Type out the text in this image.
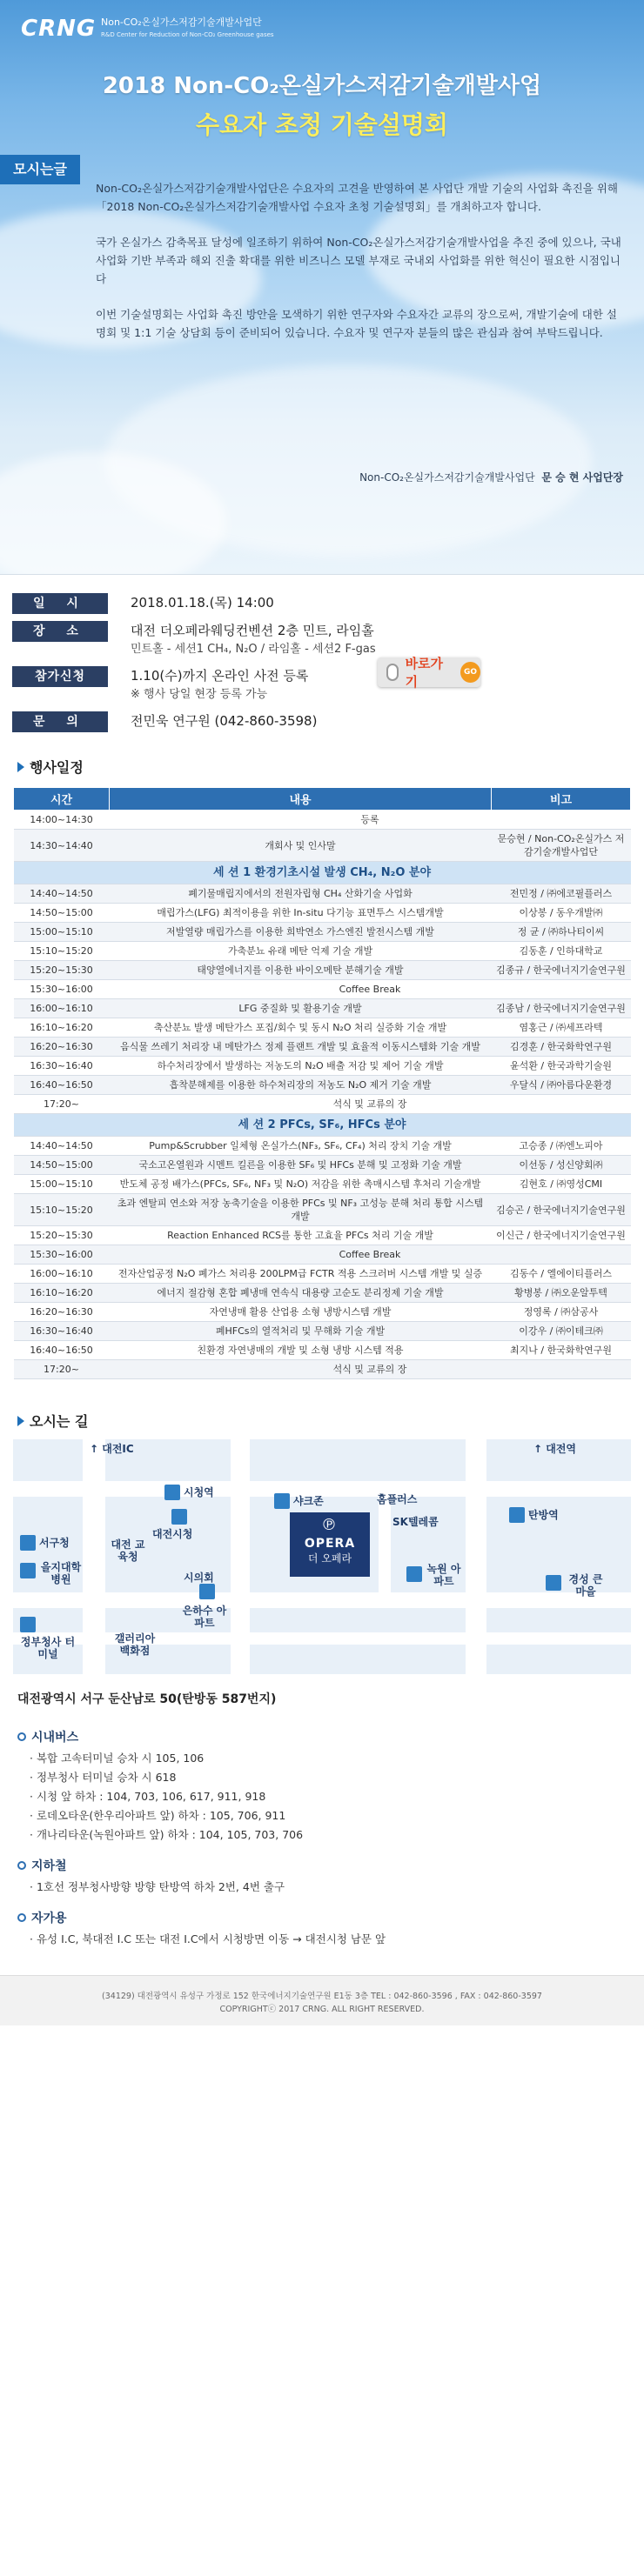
CRNG Non-CO₂온실가스저감기술개발사업단
R&D Center for Reduction of Non-CO₂ Greenhouse gases
2018 Non-CO₂온실가스저감기술개발사업
수요자 초청 기술설명회
모시는글

Non-CO₂온실가스저감기술개발사업단은 수요자의 고견을 반영하여 본 사업단 개발 기술의 사업화 촉진을 위해 「2018 Non-CO₂온실가스저감기술개발사업 수요자 초청 기술설명회」를 개최하고자 합니다.

국가 온실가스 감축목표 달성에 일조하기 위하여 Non-CO₂온실가스저감기술개발사업을 추진 중에 있으나, 국내 사업화 기반 부족과 해외 진출 확대를 위한 비즈니스 모델 부재로 국내외 사업화를 위한 혁신이 필요한 시점입니다

이번 기술설명회는 사업화 촉진 방안을 모색하기 위한 연구자와 수요자간 교류의 장으로써, 개발기술에 대한 설명회 및 1:1 기술 상담회 등이 준비되어 있습니다. 수요자 및 연구자 분들의 많은 관심과 참여 부탁드립니다.

Non-CO₂온실가스저감기술개발사업단 문 승 현 사업단장
일 시	2018.01.18.(목) 14:00
장 소	대전 더오페라웨딩컨벤션 2층 민트, 라임홀
민트홀 - 세션1 CH₄, N₂O / 라임홀 - 세션2 F-gas
참가신청	1.10(수)까지 온라인 사전 등록
※ 행사 당일 현장 등록 가능
바로가기
GO
문 의	전민욱 연구원 (042-860-3598)
행사일정
시간	내용	비고
14:00~14:30	등록	
14:30~14:40	개회사 및 인사말	문승현 / Non-CO₂온실가스 저감기술개발사업단
세 션 1 환경기초시설 발생 CH₄, N₂O 분야		
14:40~14:50	폐기물매립지에서의 전원자립형 CH₄ 산화기술 사업화	전민정 / ㈜에코필플러스
14:50~15:00	매립가스(LFG) 최적이용을 위한 In-situ 다기능 표면투스 시스템개발	이상봉 / 동우개발㈜
15:00~15:10	저발열량 매립가스를 이용한 희박연소 가스엔진 발전시스템 개발	정 균 / ㈜하나티이씨
15:10~15:20	가축분뇨 유래 메탄 억제 기술 개발	김동훈 / 인하대학교
15:20~15:30	태양열에너지를 이용한 바이오메탄 분해기술 개발	김종규 / 한국에너지기술연구원
15:30~16:00	Coffee Break	
16:00~16:10	LFG 중질화 및 활용기술 개발	김종남 / 한국에너지기술연구원
16:10~16:20	축산분뇨 발생 메탄가스 포집/회수 및 동시 N₂O 처리 실증화 기술 개발	염홍근 / ㈜세프라텍
16:20~16:30	음식물 쓰레기 처리장 내 메탄가스 정제 플랜트 개발 및 효율적 이동시스템화 기술 개발	김경훈 / 한국화학연구원
16:30~16:40	하수처리장에서 발생하는 저농도의 N₂O 배출 저감 및 제어 기술 개발	윤석환 / 한국과학기술원
16:40~16:50	흡착분해제를 이용한 하수처리장의 저농도 N₂O 제거 기술 개발	우달식 / ㈜아름다운환경
17:20~	석식 및 교류의 장	
세 션 2 PFCs, SF₆, HFCs 분야		
14:40~14:50	Pump&Scrubber 일체형 온실가스(NF₃, SF₆, CF₄) 처리 장치 기술 개발	고승종 / ㈜엔노피아
14:50~15:00	국소고온열원과 시멘트 킬른을 이용한 SF₆ 및 HFCs 분해 및 고정화 기술 개발	이선동 / 성신양회㈜
15:00~15:10	반도체 공정 배가스(PFCs, SF₆, NF₃ 및 N₂O) 저감을 위한 촉매시스템 후처리 기술개발	김현호 / ㈜영성CMI
15:10~15:20	초과 엔탈피 연소와 저장 농축기술을 이용한 PFCs 및 NF₃ 고성능 분해 처리 통합 시스템 개발	김승곤 / 한국에너지기술연구원
15:20~15:30	Reaction Enhanced RCS를 통한 고효율 PFCs 처리 기술 개발	이신근 / 한국에너지기술연구원
15:30~16:00	Coffee Break	
16:00~16:10	전자산업공정 N₂O 폐가스 처리용 200LPM급 FCTR 적용 스크러버 시스템 개발 및 실증	김동수 / 엘에이티플러스
16:10~16:20	에너지 절감형 혼합 폐냉매 연속식 대용량 고순도 분리정제 기술 개발	황병봉 / ㈜오운알투텍
16:20~16:30	자연냉매 활용 산업용 소형 냉방시스템 개발	정영록 / ㈜삼공사
16:30~16:40	폐HFCs의 열적처리 및 무해화 기술 개발	이강우 / ㈜이테크㈜
16:40~16:50	친환경 자연냉매의 개발 및 소형 냉방 시스템 적용	최지나 / 한국화학연구원
17:20~	석식 및 교류의 장	
오시는 길
↑ 대전IC	↑ 대전역
시청역
대전시청
시의회
서구청
을지대학 병원
대전 교육청
샤크존	홈플러스
SK텔레콤
탄방역
녹원 아파트	경성 큰마을
은하수 아파트
정부청사 터미널
갤러리아 백화점
℗
OPERA
더 오페라
대전광역시 서구 둔산남로 50(탄방동 587번지)
시내버스
· 복합 고속터미널 승차 시 105, 106
· 정부청사 터미널 승차 시 618
· 시청 앞 하차 : 104, 703, 106, 617, 911, 918
· 로데오타운(한우리아파트 앞) 하차 : 105, 706, 911
· 개나리타운(녹원아파트 앞) 하차 : 104, 105, 703, 706
지하철
· 1호선 정부청사방향 방향 탄방역 하차 2번, 4번 출구
자가용
· 유성 I.C, 북대전 I.C 또는 대전 I.C에서 시청방면 이동 → 대전시청 남문 앞
(34129) 대전광역시 유성구 가정로 152 한국에너지기술연구원 E1동 3층 TEL : 042-860-3596 , FAX : 042-860-3597
COPYRIGHTⓒ 2017 CRNG. ALL RIGHT RESERVED.
